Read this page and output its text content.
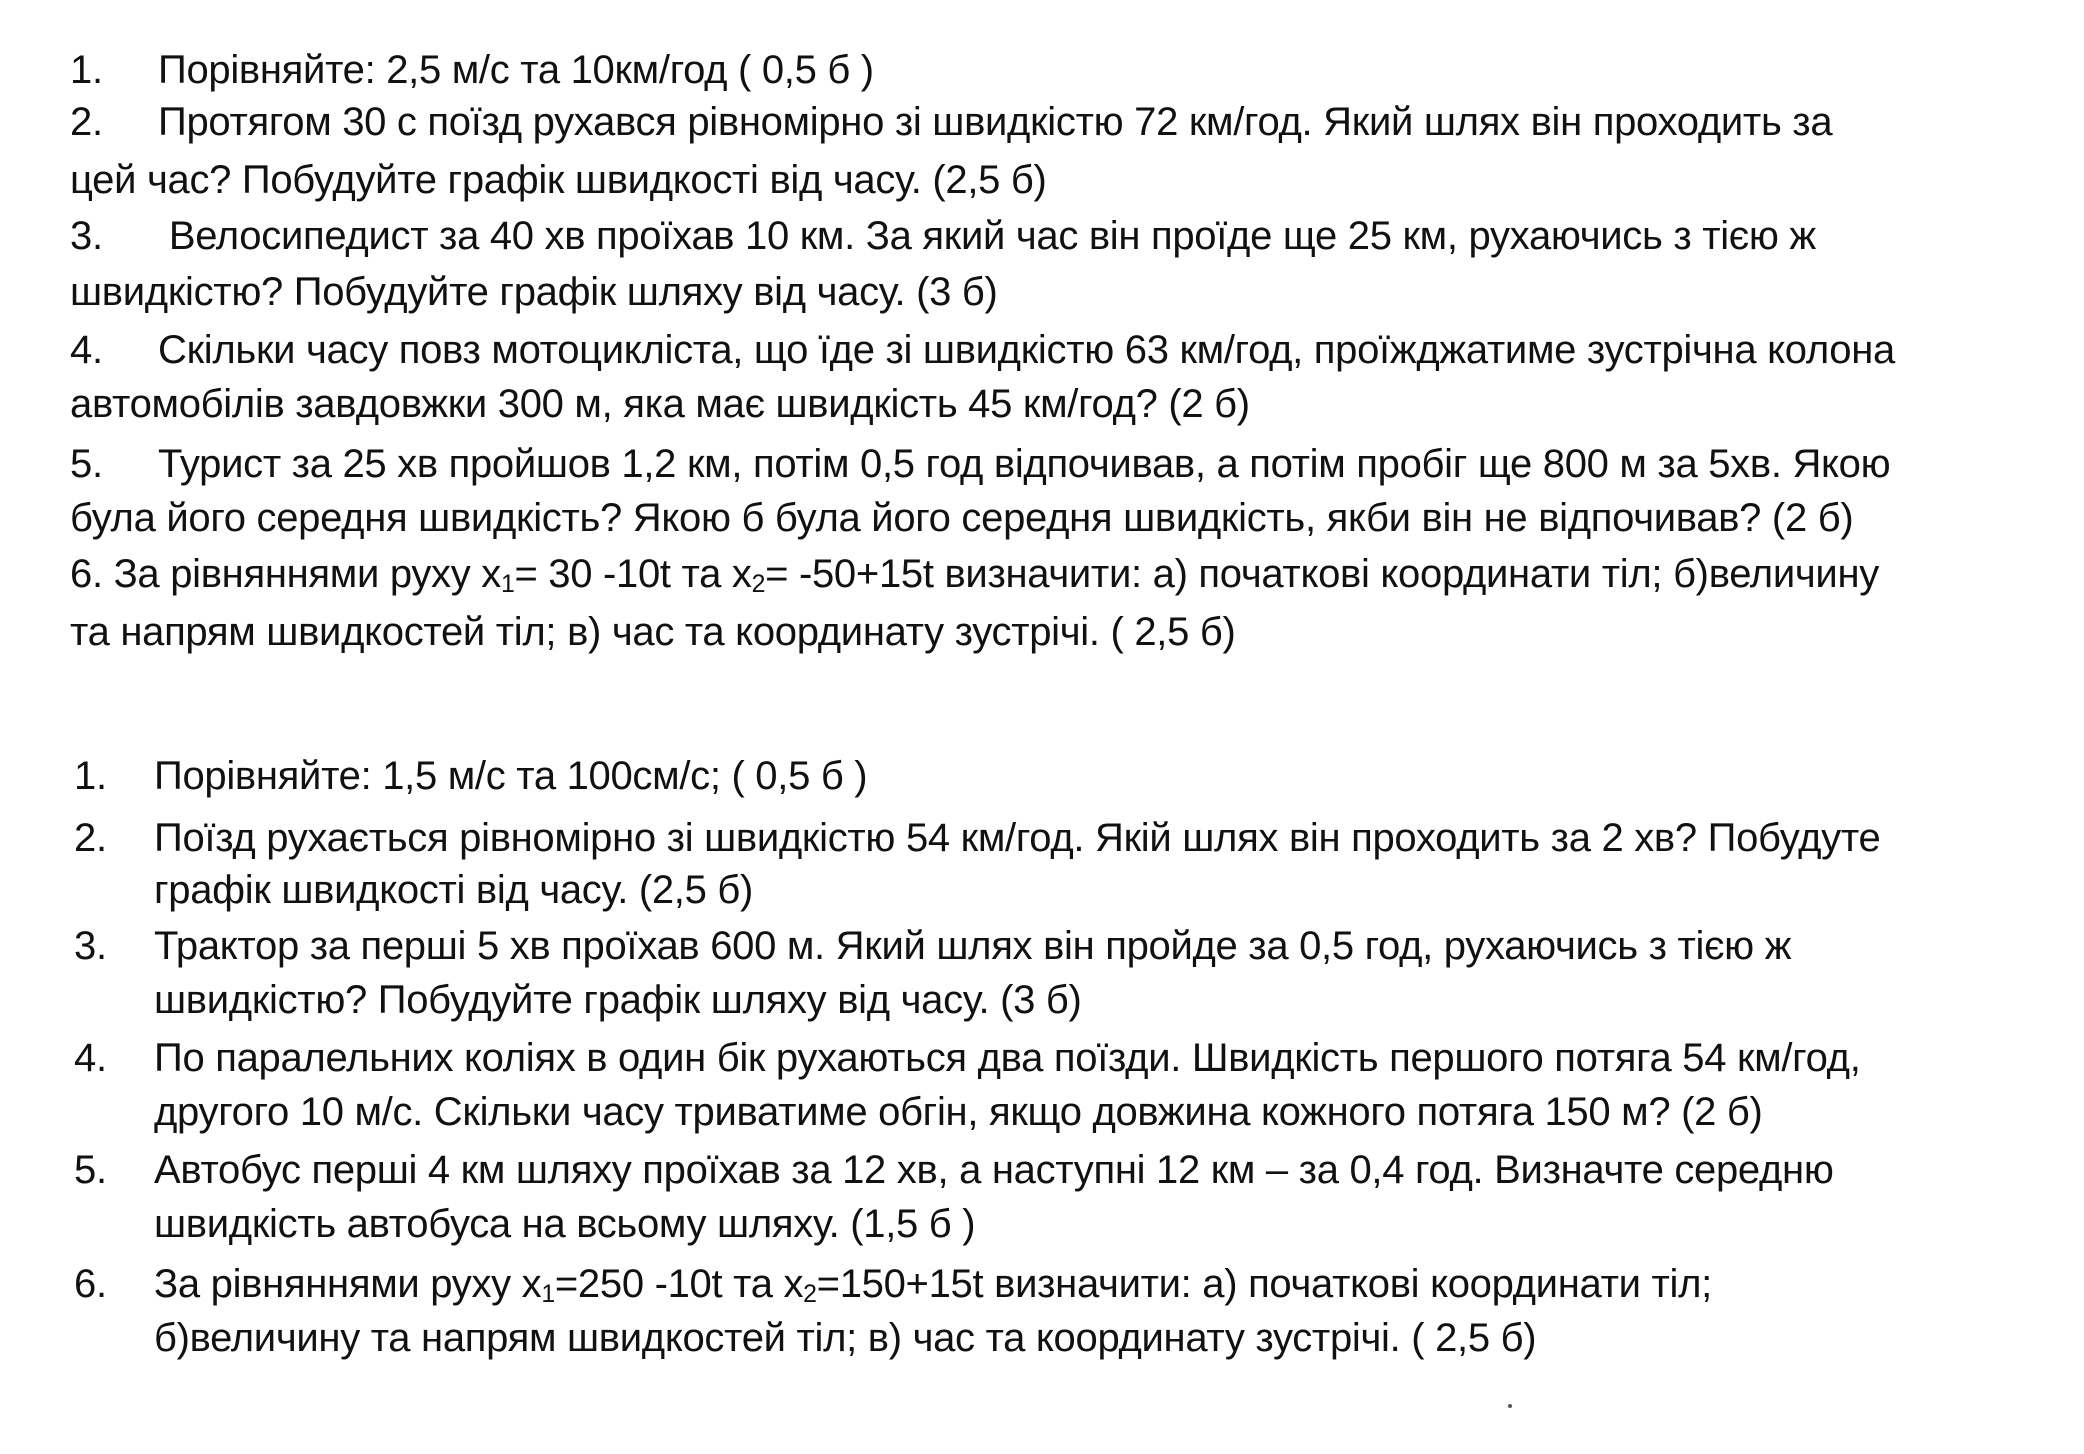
1. Порівняйте: 2,5 м/с та 10км/год ( 0,5 б )
2. Протягом 30 с поїзд рухався рівномірно зі швидкістю 72 км/год. Який шлях він проходить за
цей час? Побудуйте графік швидкості від часу. (2,5 б)
3. Велосипедист за 40 хв проїхав 10 км. За який час він проїде ще 25 км, рухаючись з тією ж
швидкістю? Побудуйте графік шляху від часу. (3 б)
4. Скільки часу повз мотоцикліста, що їде зі швидкістю 63 км/год, проїжджатиме зустрічна колона
автомобілів завдовжки 300 м, яка має швидкість 45 км/год? (2 б)
5. Турист за 25 хв пройшов 1,2 км, потім 0,5 год відпочивав, а потім пробіг ще 800 м за 5хв. Якою
була його середня швидкість? Якою б була його середня швидкість, якби він не відпочивав? (2 б)
6. За рівняннями руху x1= 30 -10t та x2= -50+15t визначити: а) початкові координати тіл; б)величину
та напрям швидкостей тіл; в) час та координату зустрічі. ( 2,5 б)
1. Порівняйте: 1,5 м/с та 100см/с; ( 0,5 б )
2. Поїзд рухається рівномірно зі швидкістю 54 км/год. Якій шлях він проходить за 2 хв? Побудуте
графік швидкості від часу. (2,5 б)
3. Трактор за перші 5 хв проїхав 600 м. Який шлях він пройде за 0,5 год, рухаючись з тією ж
швидкістю? Побудуйте графік шляху від часу. (3 б)
4. По паралельних коліях в один бік рухаються два поїзди. Швидкість першого потяга 54 км/год,
другого 10 м/с. Скільки часу триватиме обгін, якщо довжина кожного потяга 150 м? (2 б)
5. Автобус перші 4 км шляху проїхав за 12 хв, а наступні 12 км – за 0,4 год. Визначте середню
швидкість автобуса на всьому шляху. (1,5 б )
6. За рівняннями руху x1=250 -10t та x2=150+15t визначити: а) початкові координати тіл;
б)величину та напрям швидкостей тіл; в) час та координату зустрічі. ( 2,5 б)
